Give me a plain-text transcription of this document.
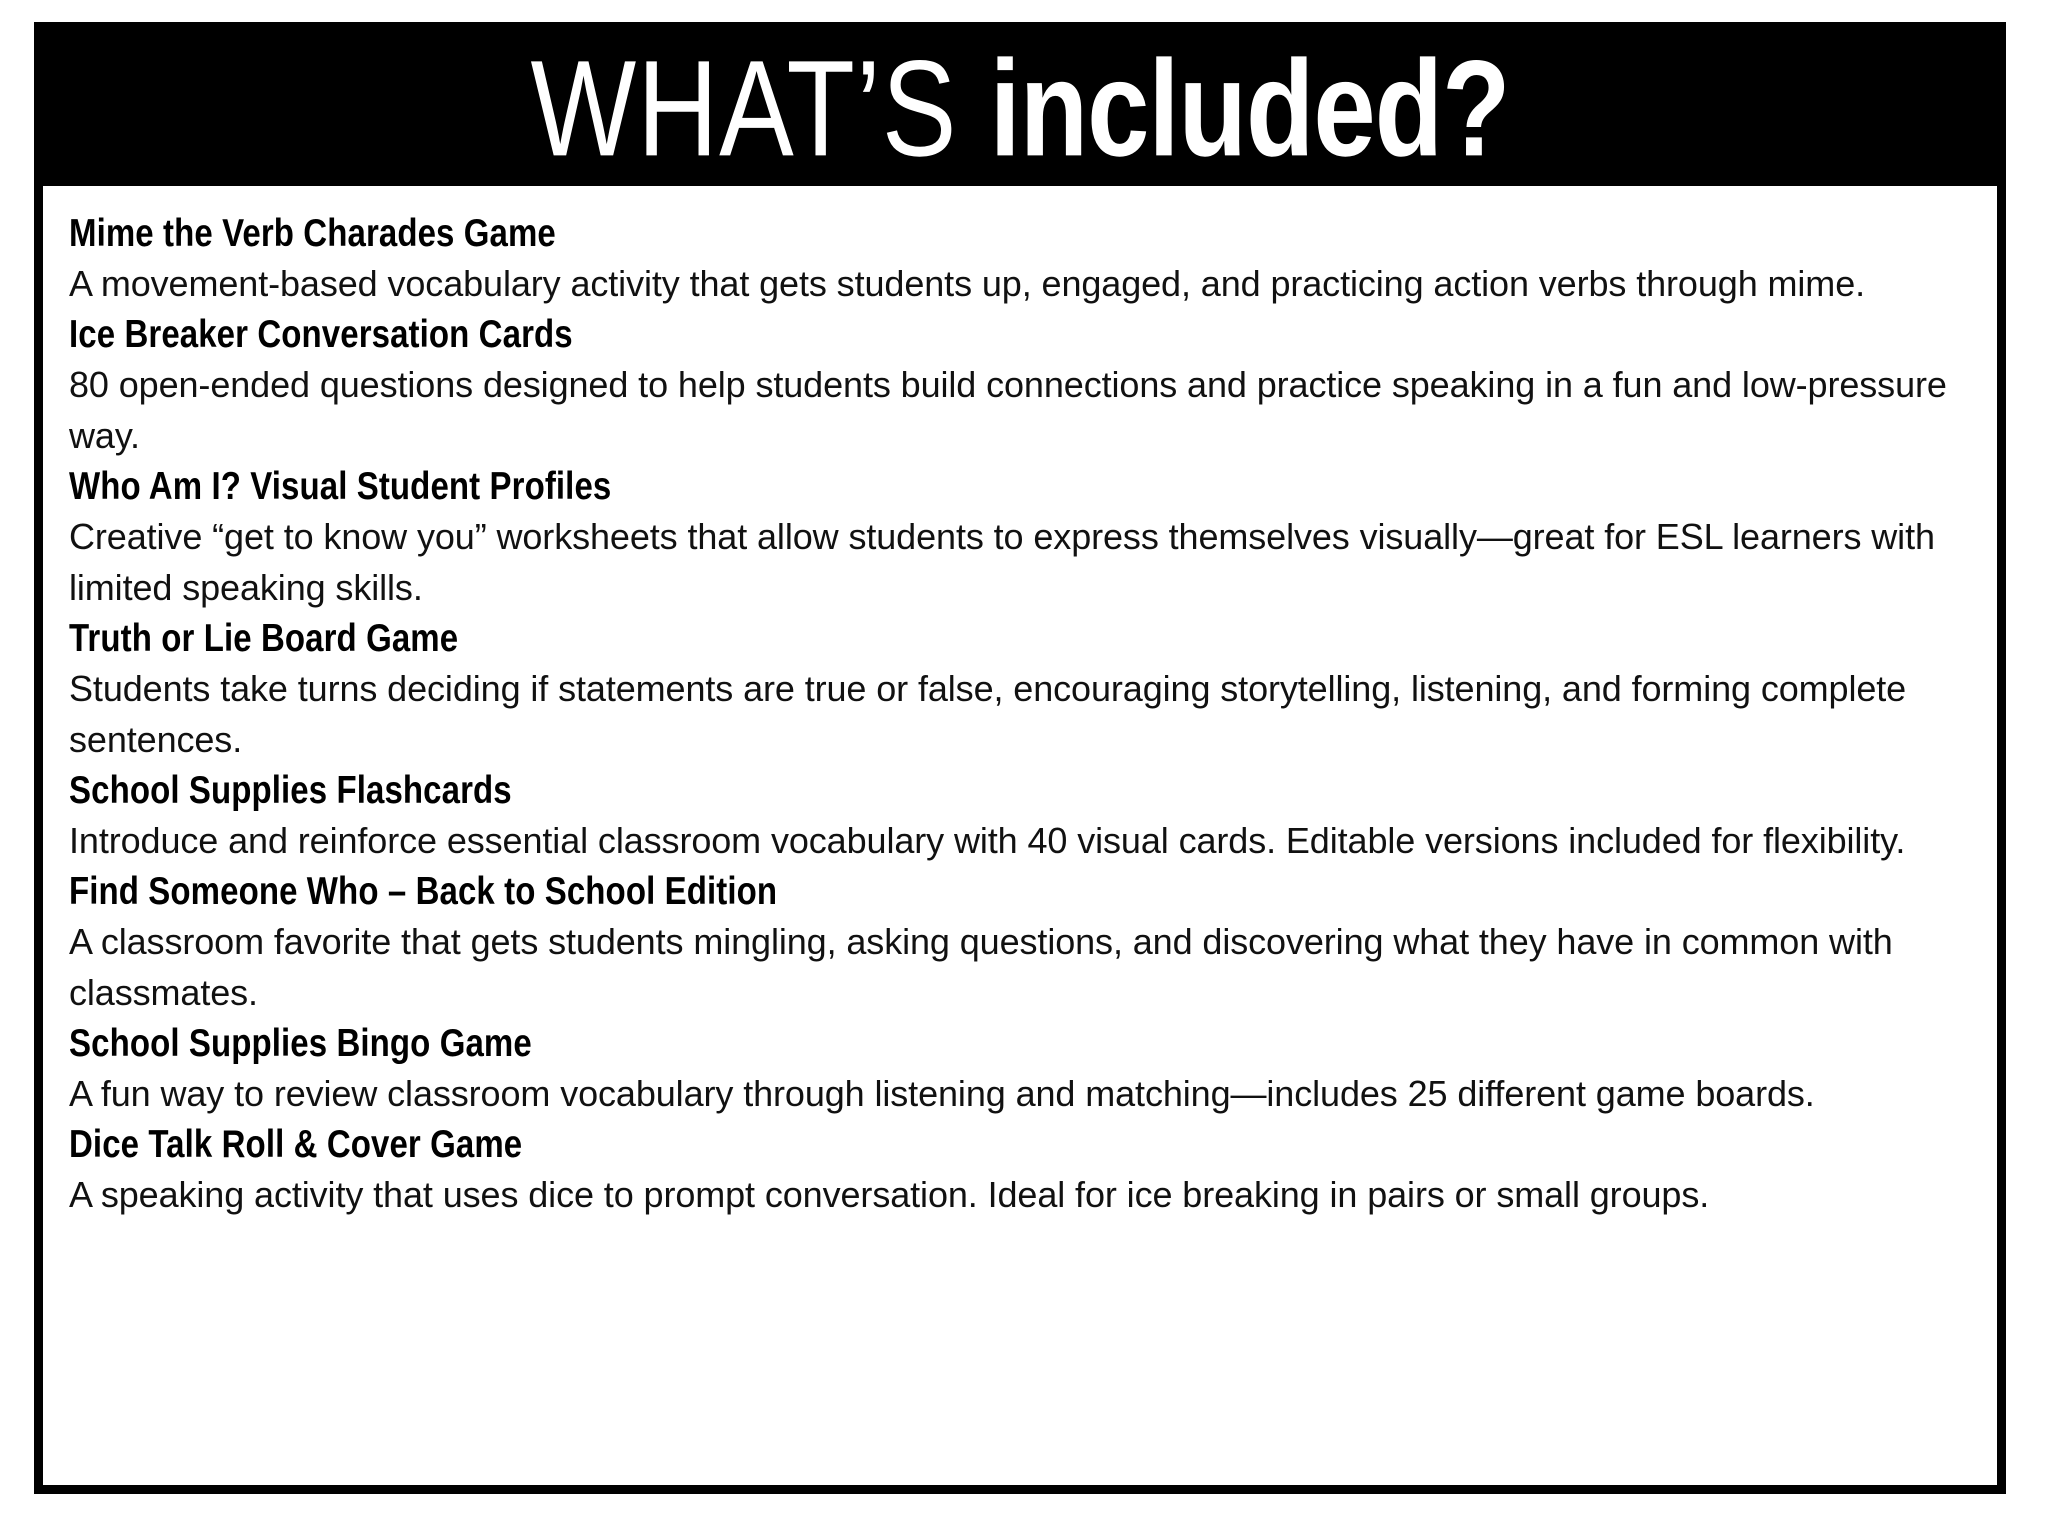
WHAT’S included?
Mime the Verb Charades Game
A movement-based vocabulary activity that gets students up, engaged, and practicing action verbs through mime.
Ice Breaker Conversation Cards
80 open-ended questions designed to help students build connections and practice speaking in a fun and low-pressure way.
Who Am I? Visual Student Profiles
Creative “get to know you” worksheets that allow students to express themselves visually—great for ESL learners with limited speaking skills.
Truth or Lie Board Game
Students take turns deciding if statements are true or false, encouraging storytelling, listening, and forming complete sentences.
School Supplies Flashcards
Introduce and reinforce essential classroom vocabulary with 40 visual cards. Editable versions included for flexibility.
Find Someone Who – Back to School Edition
A classroom favorite that gets students mingling, asking questions, and discovering what they have in common with classmates.
School Supplies Bingo Game
A fun way to review classroom vocabulary through listening and matching—includes 25 different game boards.
Dice Talk Roll & Cover Game
A speaking activity that uses dice to prompt conversation. Ideal for ice breaking in pairs or small groups.
